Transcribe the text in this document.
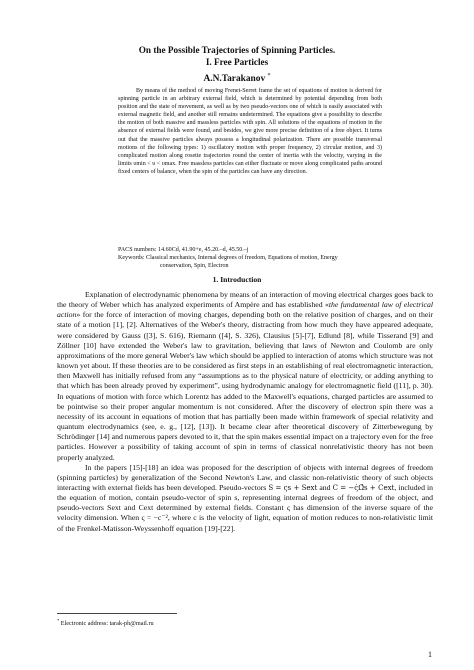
On the Possible Trajectories of Spinning Particles.
I. Free Particles
A.N.Tarakanov *

By means of the method of moving Frenet-Serret frame the set of equations of motion is derived for spinning particle in an arbitrary external field, which is determined by potential depending from both position and the state of movement, as well as by two pseudo-vectors one of which is easily associated with external magnetic field, and another still remains undetermined. The equations give a possibility to describe the motion of both massive and massless particles with spin. All solutions of the equations of motion in the absence of external fields were found, and besides, we give more precise definition of a free object. It turns out that the massive particles always possess a longitudinal polarization. There are possible transversal motions of the following types: 1) oscillatory motion with proper frequency, 2) circular motion, and 3) complicated motion along rosette trajectories round the center of inertia with the velocity, varying in the limits υmin < υ < υmax. Free massless particles can either fluctuate or move along complicated paths around fixed centers of balance, when the spin of the particles can have any direction.

PACS numbers: 14.60Cd, 41.90+e, 45.20.–d, 45.50.–j
Keywords: Classical mechanics, Internal degrees of freedom, Equations of motion, Energy
conservation, Spin, Electron
1. Introduction

Explanation of electrodynamic phenomena by means of an interaction of moving electrical charges goes back to the theory of Weber which has analyzed experiments of Ampère and has established «the fundamental law of electrical action» for the force of interaction of moving charges, depending both on the relative position of charges, and on their state of a motion [1], [2]. Alternatives of the Weber's theory, distracting from how much they have appeared adequate, were considered by Gauss ([3], S. 616), Riemann ([4], S. 326), Clausius [5]-[7], Edlund [8], while Tisserand [9] and Zöllner [10] have extended the Weber's law to gravitation, believing that laws of Newton and Coulomb are only approximations of the more general Weber's law which should be applied to interaction of atoms which structure was not known yet about. If these theories are to be considered as first steps in an establishing of real electromagnetic interaction, then Maxwell has initially refused from any “assumptions as to the physical nature of electricity, or adding anything to that which has been already proved by experiment”, using hydrodynamic analogy for electromagnetic field ([11], p. 30). In equations of motion with force which Lorentz has added to the Maxwell's equations, charged particles are assumed to be pointwise so their proper angular momentum is not considered. After the discovery of electron spin there was a necessity of its account in equations of motion that has partially been made within framework of special relativity and quantum electrodynamics (see, e. g., [12], [13]). It became clear after theoretical discovery of Zitterbewegung by Schrödinger [14] and numerous papers devoted to it, that the spin makes essential impact on a trajectory even for the free particles. However a possibility of taking account of spin in terms of classical nonrelativistic theory has not been properly analyzed.

In the papers [15]-[18] an idea was proposed for the description of objects with internal degrees of freedom (spinning particles) by generalization of the Second Newton's Law, and classic non-relativistic theory of such objects interacting with external fields has been developed. Pseudo-vectors S = ςs + Sext and C = −ς̇Ω̂s + Cext, included in the equation of motion, contain pseudo-vector of spin s, representing internal degrees of freedom of the object, and pseudo-vectors Sext and Cext determined by external fields. Constant ς has dimension of the inverse square of the velocity dimension. When ς = −c⁻², where c is the velocity of light, equation of motion reduces to non-relativistic limit of the Frenkel-Matisson-Weyssenhoff equation [19]-[22].

* Electronic address: tarak-ph@mail.ru
1
